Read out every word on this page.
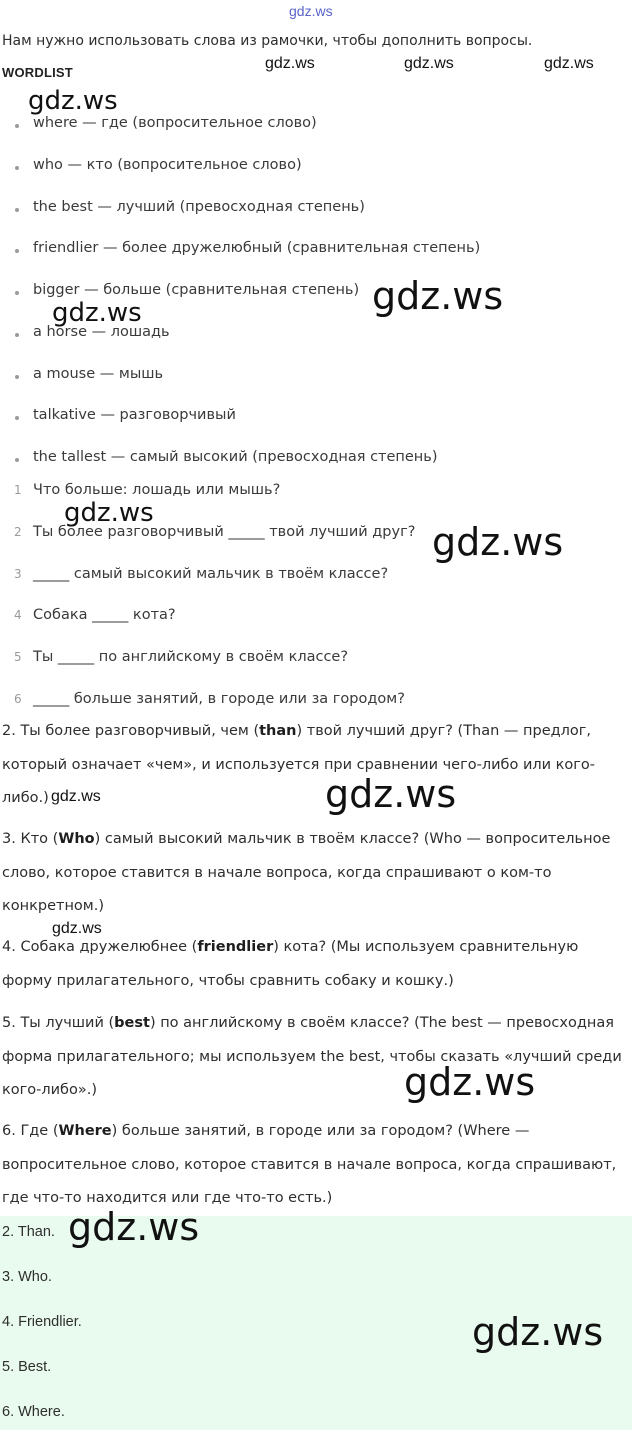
gdz.ws
Нам нужно использовать слова из рамочки, чтобы дополнить вопросы.
WORDLIST
where — где (вопросительное слово)
who — кто (вопросительное слово)
the best — лучший (превосходная степень)
friendlier — более дружелюбный (сравнительная степень)
bigger — больше (сравнительная степень)
a horse — лошадь
a mouse — мышь
talkative — разговорчивый
the tallest — самый высокий (превосходная степень)
1 Что больше: лошадь или мышь?
2 Ты более разговорчивый _____ твой лучший друг?
3 _____ самый высокий мальчик в твоём классе?
4 Собака _____ кота?
5 Ты _____ по английскому в своём классе?
6 _____ больше занятий, в городе или за городом?
2. Ты более разговорчивый, чем (than) твой лучший друг? (Than — предлог, который означает «чем», и используется при сравнении чего-либо или кого-либо.)
3. Кто (Who) самый высокий мальчик в твоём классе? (Who — вопросительное слово, которое ставится в начале вопроса, когда спрашивают о ком-то конкретном.)
4. Собака дружелюбнее (friendlier) кота? (Мы используем сравнительную форму прилагательного, чтобы сравнить собаку и кошку.)
5. Ты лучший (best) по английскому в своём классе? (The best — превосходная форма прилагательного; мы используем the best, чтобы сказать «лучший среди кого-либо».)
6. Где (Where) больше занятий, в городе или за городом? (Where — вопросительное слово, которое ставится в начале вопроса, когда спрашивают, где что-то находится или где что-то есть.)
2. Than.
3. Who.
4. Friendlier.
5. Best.
6. Where.
gdz.ws	gdz.ws	gdz.ws
gdz.ws
gdz.ws
gdz.ws
gdz.ws
gdz.ws
gdz.ws	gdz.ws
gdz.ws
gdz.ws
gdz.ws
gdz.ws
